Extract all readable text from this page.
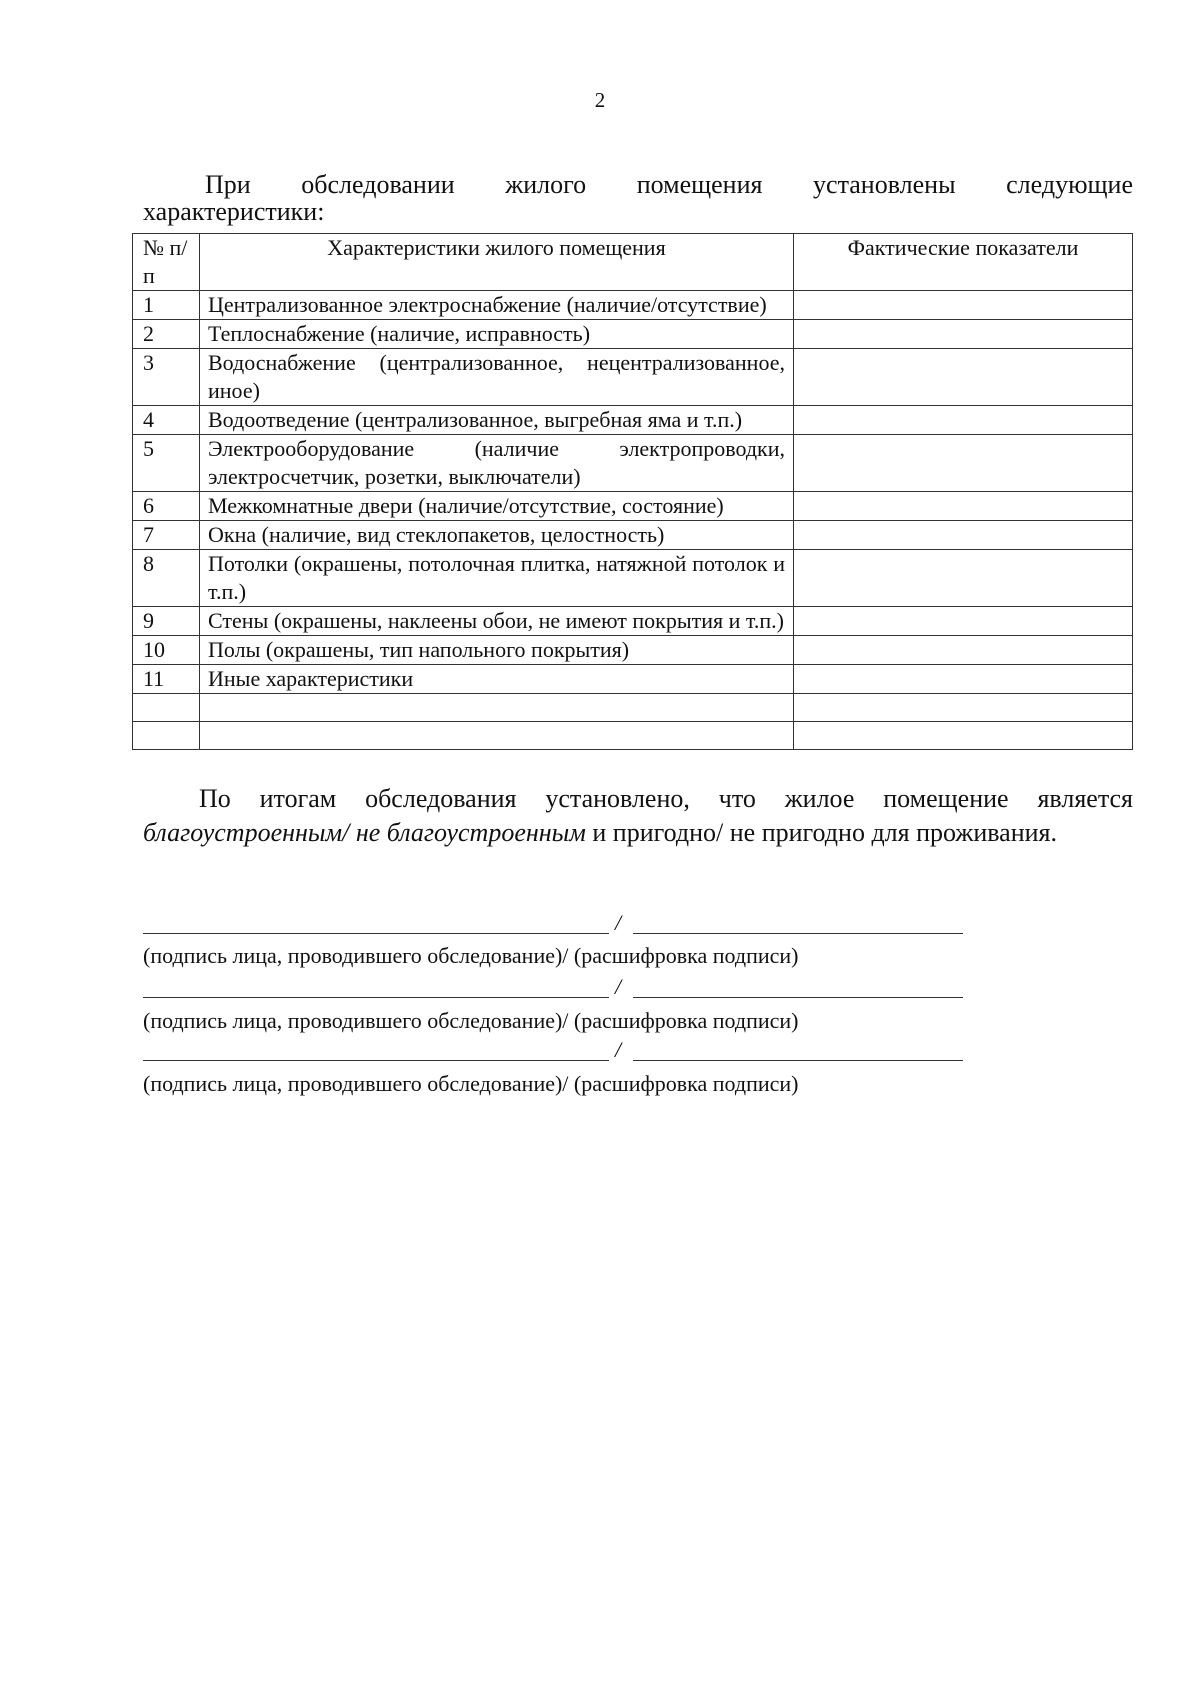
2
При обследовании жилого помещения установлены следующие
характеристики:
№ п/п	Характеристики жилого помещения	Фактические показатели
1	Централизованное электроснабжение (наличие/отсутствие)	
2	Теплоснабжение (наличие, исправность)	
3	Водоснабжение (централизованное, нецентрализованное, иное)	
4	Водоотведение (централизованное, выгребная яма и т.п.)	
5	Электрооборудование (наличие электропроводки, электросчетчик, розетки, выключатели)	
6	Межкомнатные двери (наличие/отсутствие, состояние)	
7	Окна (наличие, вид стеклопакетов, целостность)	
8	Потолки (окрашены, потолочная плитка, натяжной потолок и т.п.)	
9	Стены (окрашены, наклеены обои, не имеют покрытия и т.п.)	
10	Полы (окрашены, тип напольного покрытия)	
11	Иные характеристики	

По итогам обследования установлено, что жилое помещение является благоустроенным/ не благоустроенным и пригодно/ не пригодно для проживания.
/
(подпись лица, проводившего обследование)/ (расшифровка подписи)
/
(подпись лица, проводившего обследование)/ (расшифровка подписи)
/
(подпись лица, проводившего обследование)/ (расшифровка подписи)
